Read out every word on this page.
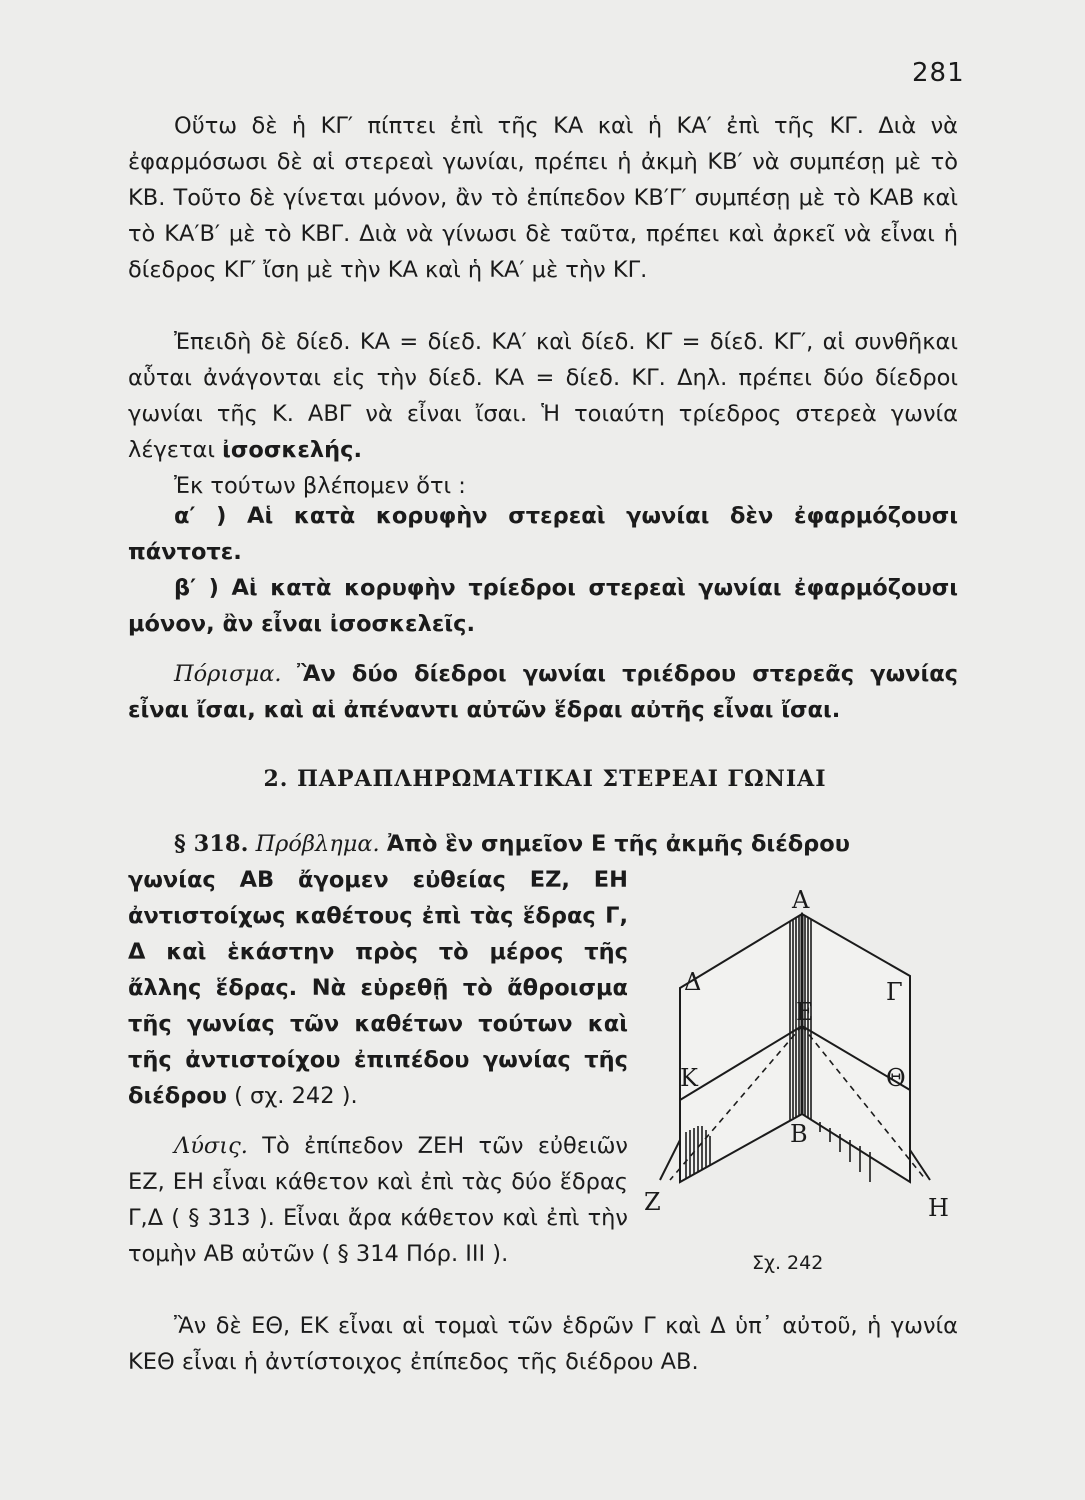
281

Οὕτω δὲ ἡ ΚΓ′ πίπτει ἐπὶ τῆς ΚΑ καὶ ἡ ΚΑ′ ἐπὶ τῆς ΚΓ. Διὰ νὰ ἐφαρμόσωσι δὲ αἱ στερεαὶ γωνίαι, πρέπει ἡ ἀκμὴ ΚΒ′ νὰ συμπέσῃ μὲ τὸ ΚΒ. Τοῦτο δὲ γίνεται μόνον, ἂν τὸ ἐπίπεδον ΚΒ′Γ′ συμπέσῃ μὲ τὸ ΚΑΒ καὶ τὸ ΚΑ′Β′ μὲ τὸ ΚΒΓ. Διὰ νὰ γίνωσι δὲ ταῦτα, πρέπει καὶ ἀρκεῖ νὰ εἶναι ἡ δίεδρος ΚΓ′ ἴση μὲ τὴν ΚΑ καὶ ἡ ΚΑ′ μὲ τὴν ΚΓ.

Ἐπειδὴ δὲ δίεδ. ΚΑ = δίεδ. ΚΑ′ καὶ δίεδ. ΚΓ = δίεδ. ΚΓ′, αἱ συνθῆκαι αὗται ἀνάγονται εἰς τὴν δίεδ. ΚΑ = δίεδ. ΚΓ. Δηλ. πρέπει δύο δίεδροι γωνίαι τῆς Κ. ΑΒΓ νὰ εἶναι ἴσαι. Ἡ τοιαύτη τρίεδρος στερεὰ γωνία λέγεται ἰσοσκελής.

Ἐκ τούτων βλέπομεν ὅτι :

α′ ) Αἱ κατὰ κορυφὴν στερεαὶ γωνίαι δὲν ἐφαρμόζουσι πάντοτε.

β′ ) Αἱ κατὰ κορυφὴν τρίεδροι στερεαὶ γωνίαι ἐφαρμόζουσι μόνον, ἂν εἶναι ἰσοσκελεῖς.

Πόρισμα. Ἂν δύο δίεδροι γωνίαι τριέδρου στερεᾶς γωνίας εἶναι ἴσαι, καὶ αἱ ἀπέναντι αὐτῶν ἕδραι αὐτῆς εἶναι ἴσαι.

2. ΠΑΡΑΠΛΗΡΩΜΑΤΙΚΑΙ ΣΤΕΡΕΑΙ ΓΩΝΙΑΙ

§ 318. Πρόβλημα. Ἀπὸ ἓν σημεῖον Ε τῆς ἀκμῆς διέδρου

γωνίας ΑΒ ἄγομεν εὐθείας ΕΖ, ΕΗ ἀντιστοίχως καθέτους ἐπὶ τὰς ἕδρας Γ, Δ καὶ ἑκάστην πρὸς τὸ μέρος τῆς ἄλλης ἕδρας. Νὰ εὑρεθῇ τὸ ἄθροισμα τῆς γωνίας τῶν καθέτων τούτων καὶ τῆς ἀντιστοίχου ἐπιπέδου γωνίας τῆς διέδρου ( σχ. 242 ).

Λύσις. Τὸ ἐπίπεδον ΖΕΗ τῶν εὐθειῶν ΕΖ, ΕΗ εἶναι κάθετον καὶ ἐπὶ τὰς δύο ἕδρας Γ,Δ ( § 313 ). Εἶναι ἄρα κάθετον καὶ ἐπὶ τὴν τομὴν ΑΒ αὐτῶν ( § 314 Πόρ. ΙΙΙ ).

Ἂν δὲ ΕΘ, ΕΚ εἶναι αἱ τομαὶ τῶν ἑδρῶν Γ καὶ Δ ὑπ᾿ αὐτοῦ, ἡ γωνία ΚΕΘ εἶναι ἡ ἀντίστοιχος ἐπίπεδος τῆς διέδρου ΑΒ.

A
B
Γ
Δ
E
K	Θ
Z	H
Σχ. 242
